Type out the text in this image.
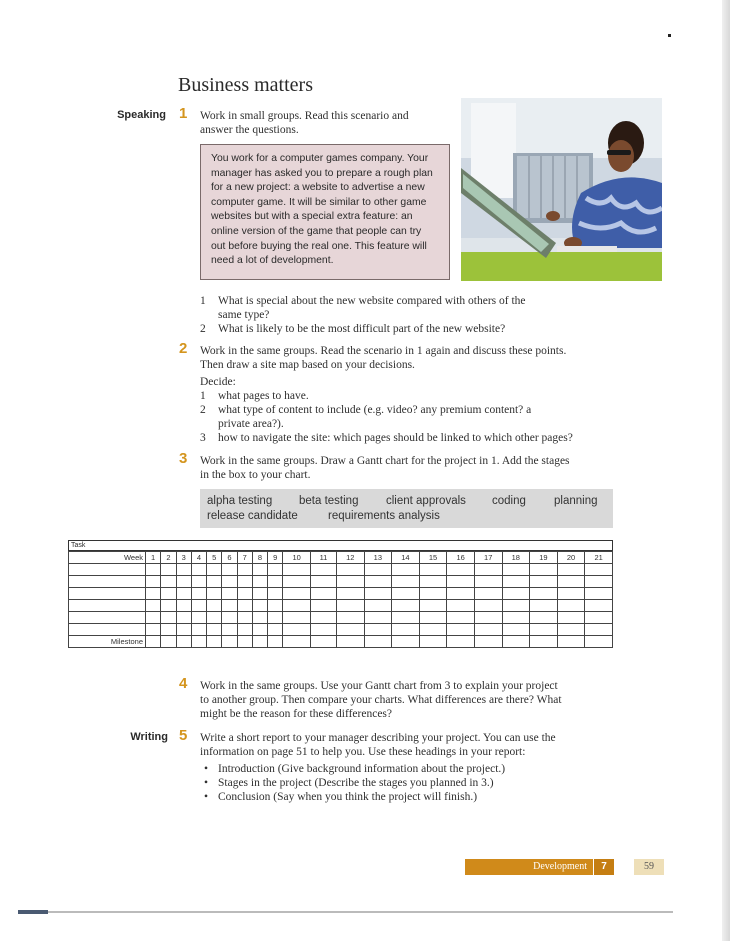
Business matters
Speaking 1 Work in small groups. Read this scenario and
answer the questions.
You work for a computer games company. Your
manager has asked you to prepare a rough plan
for a new project: a website to advertise a new
computer game. It will be similar to other game
websites but with a special extra feature: an
online version of the game that people can try
out before buying the real one. This feature will
need a lot of development.
1 What is special about the new website compared with others of the
same type?
2 What is likely to be the most difficult part of the new website?
2 Work in the same groups. Read the scenario in 1 again and discuss these points.
Then draw a site map based on your decisions.
Decide:
1 what pages to have.
2 what type of content to include (e.g. video? any premium content? a
private area?).
3 how to navigate the site: which pages should be linked to which other pages?
3 Work in the same groups. Draw a Gantt chart for the project in 1. Add the stages
in the box to your chart.
alpha testing beta testing client approvals coding planning
release candidate	requirements analysis
Task
Week	1	2	3	4	5	6	7	8	9	10	11	12	13	14	15	16	17	18	19	20	21

Milestone																					
4 Work in the same groups. Use your Gantt chart from 3 to explain your project
to another group. Then compare your charts. What differences are there? What
might be the reason for these differences?
Writing 5 Write a short report to your manager describing your project. You can use the
information on page 51 to help you. Use these headings in your report:
• Introduction (Give background information about the project.)
• Stages in the project (Describe the stages you planned in 3.)
• Conclusion (Say when you think the project will finish.)
Development	7	59
